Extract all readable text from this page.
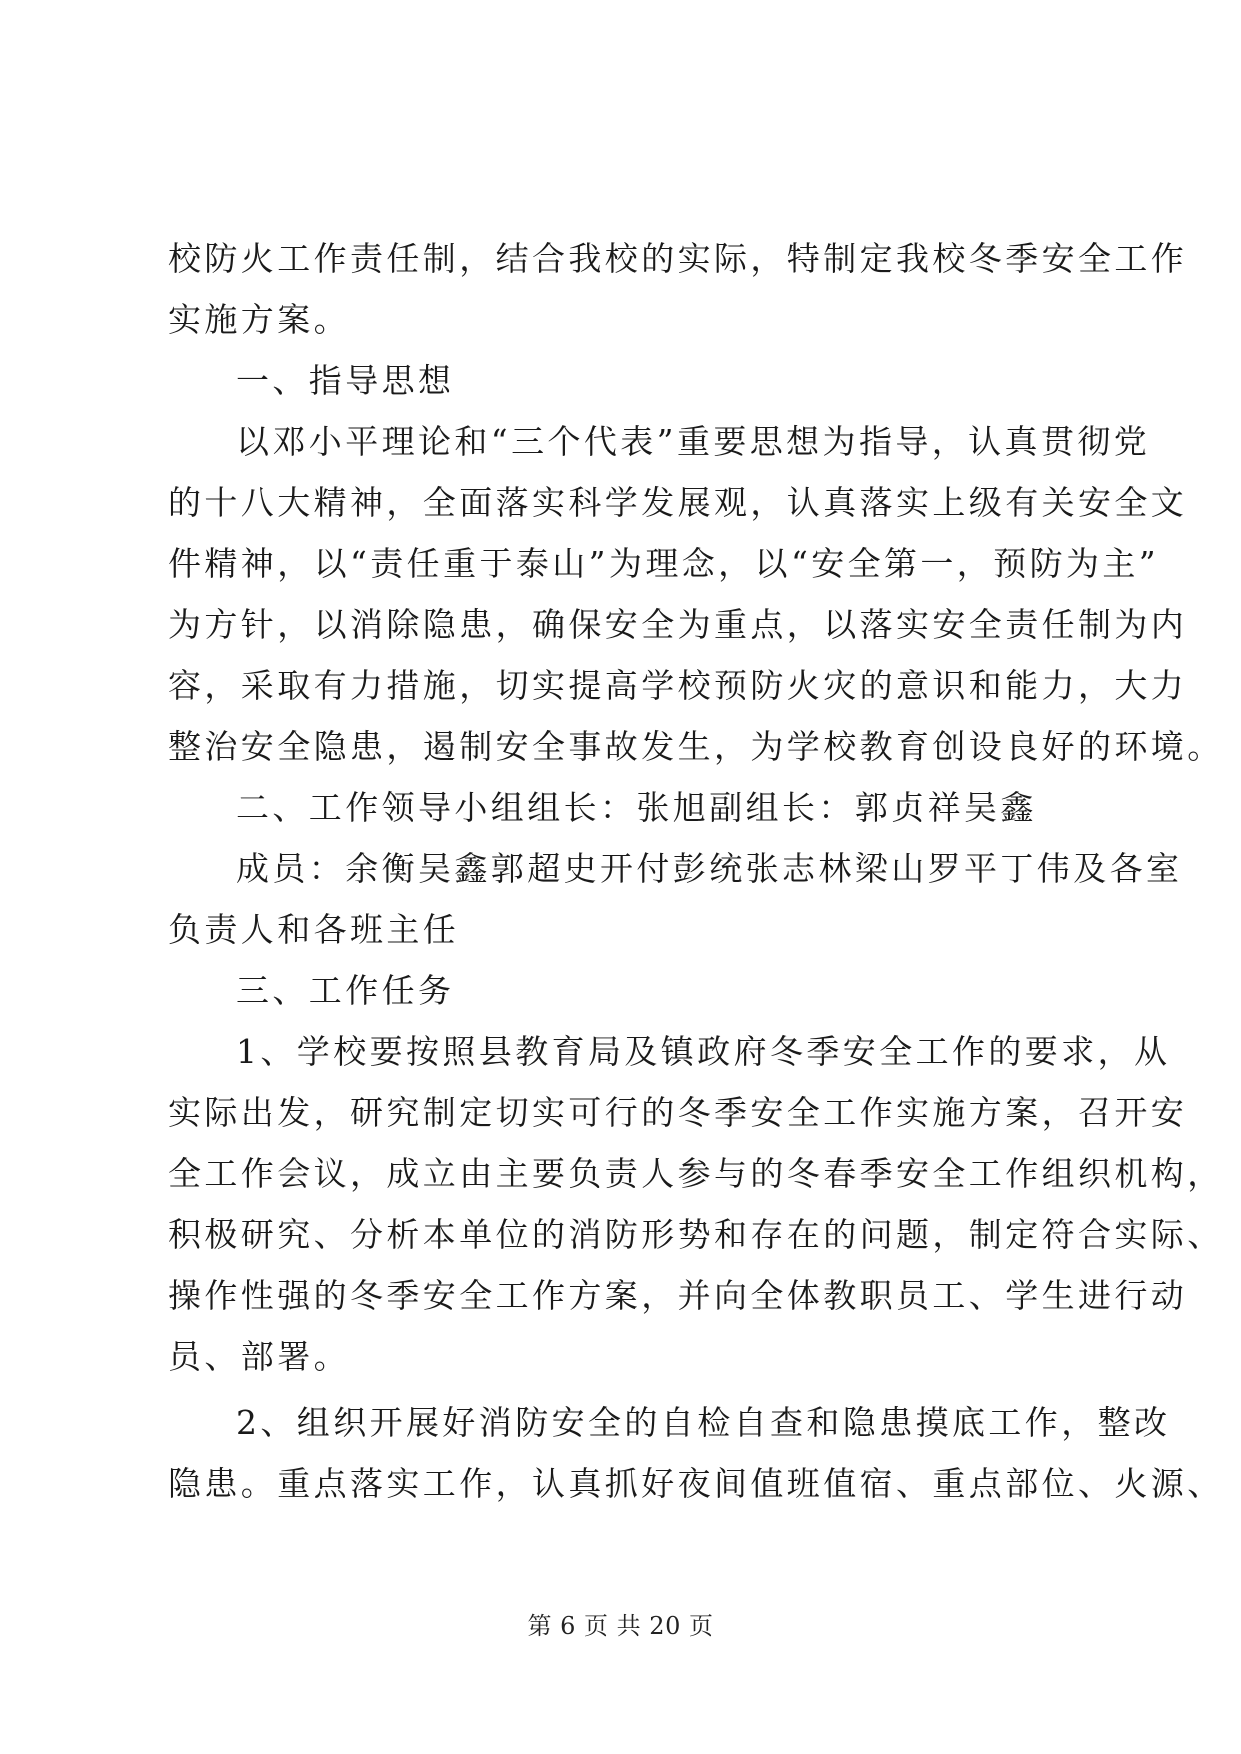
校防火工作责任制，结合我校的实际，特制定我校冬季安全工作
实施方案。
一、指导思想
以邓小平理论和“三个代表”重要思想为指导，认真贯彻党
的十八大精神，全面落实科学发展观，认真落实上级有关安全文
件精神，以“责任重于泰山”为理念，以“安全第一，预防为主”
为方针，以消除隐患，确保安全为重点，以落实安全责任制为内
容，采取有力措施，切实提高学校预防火灾的意识和能力，大力
整治安全隐患，遏制安全事故发生，为学校教育创设良好的环境。
二、工作领导小组组长：张旭副组长：郭贞祥吴鑫
成员：余衡吴鑫郭超史开付彭统张志林梁山罗平丁伟及各室
负责人和各班主任
三、工作任务
1、学校要按照县教育局及镇政府冬季安全工作的要求，从
实际出发，研究制定切实可行的冬季安全工作实施方案，召开安
全工作会议，成立由主要负责人参与的冬春季安全工作组织机构，
积极研究、分析本单位的消防形势和存在的问题，制定符合实际、
操作性强的冬季安全工作方案，并向全体教职员工、学生进行动
员、部署。
2、组织开展好消防安全的自检自查和隐患摸底工作，整改
隐患。重点落实工作，认真抓好夜间值班值宿、重点部位、火源、
第 6 页 共 20 页
